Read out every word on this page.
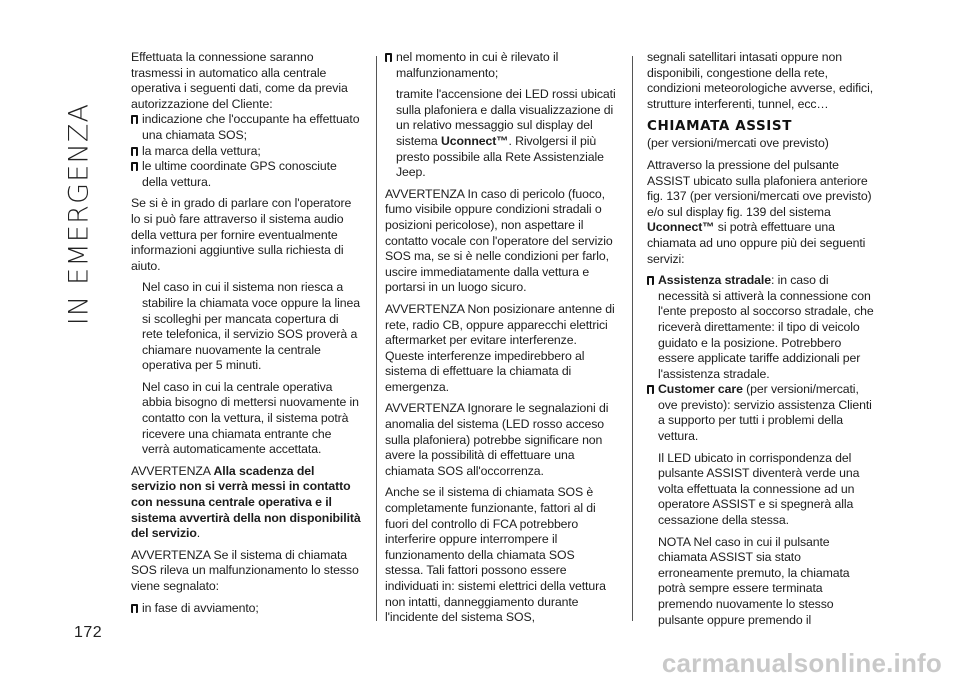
IN EMERGENZA
172

Effettuata la connessione saranno trasmessi in automatico alla centrale operativa i seguenti dati, come da previa autorizzazione del Cliente:

indicazione che l'occupante ha effettuato una chiamata SOS;
la marca della vettura;
le ultime coordinate GPS conosciute della vettura.

Se si è in grado di parlare con l'operatore lo si può fare attraverso il sistema audio della vettura per fornire eventualmente informazioni aggiuntive sulla richiesta di aiuto.

Nel caso in cui il sistema non riesca a stabilire la chiamata voce oppure la linea si scolleghi per mancata copertura di rete telefonica, il servizio SOS proverà a chiamare nuovamente la centrale operativa per 5 minuti.

Nel caso in cui la centrale operativa abbia bisogno di mettersi nuovamente in contatto con la vettura, il sistema potrà ricevere una chiamata entrante che verrà automaticamente accettata.

AVVERTENZA Alla scadenza del servizio non si verrà messi in contatto con nessuna centrale operativa e il sistema avvertirà della non disponibilità del servizio.

AVVERTENZA Se il sistema di chiamata SOS rileva un malfunzionamento lo stesso viene segnalato:

in fase di avviamento;
nel momento in cui è rilevato il malfunzionamento;

tramite l'accensione dei LED rossi ubicati sulla plafoniera e dalla visualizzazione di un relativo messaggio sul display del sistema Uconnect™. Rivolgersi il più presto possibile alla Rete Assistenziale Jeep.

AVVERTENZA In caso di pericolo (fuoco, fumo visibile oppure condizioni stradali o posizioni pericolose), non aspettare il contatto vocale con l'operatore del servizio SOS ma, se si è nelle condizioni per farlo, uscire immediatamente dalla vettura e portarsi in un luogo sicuro.

AVVERTENZA Non posizionare antenne di rete, radio CB, oppure apparecchi elettrici aftermarket per evitare interferenze. Queste interferenze impedirebbero al sistema di effettuare la chiamata di emergenza.

AVVERTENZA Ignorare le segnalazioni di anomalia del sistema (LED rosso acceso sulla plafoniera) potrebbe significare non avere la possibilità di effettuare una chiamata SOS all'occorrenza.

Anche se il sistema di chiamata SOS è completamente funzionante, fattori al di fuori del controllo di FCA potrebbero interferire oppure interrompere il funzionamento della chiamata SOS stessa. Tali fattori possono essere individuati in: sistemi elettrici della vettura non intatti, danneggiamento durante l'incidente del sistema SOS,

segnali satellitari intasati oppure non disponibili, congestione della rete, condizioni meteorologiche avverse, edifici, strutture interferenti, tunnel, ecc…

CHIAMATA ASSIST

(per versioni/mercati ove previsto)

Attraverso la pressione del pulsante ASSIST ubicato sulla plafoniera anteriore fig. 137 (per versioni/mercati ove previsto) e/o sul display fig. 139 del sistema Uconnect™ si potrà effettuare una chiamata ad uno oppure più dei seguenti servizi:

Assistenza stradale: in caso di necessità si attiverà la connessione con l'ente preposto al soccorso stradale, che riceverà direttamente: il tipo di veicolo guidato e la posizione. Potrebbero essere applicate tariffe addizionali per l'assistenza stradale.
Customer care (per versioni/mercati, ove previsto): servizio assistenza Clienti a supporto per tutti i problemi della vettura.

Il LED ubicato in corrispondenza del pulsante ASSIST diventerà verde una volta effettuata la connessione ad un operatore ASSIST e si spegnerà alla cessazione della stessa.

NOTA Nel caso in cui il pulsante chiamata ASSIST sia stato erroneamente premuto, la chiamata potrà sempre essere terminata premendo nuovamente lo stesso pulsante oppure premendo il

carmanualsonline.info
